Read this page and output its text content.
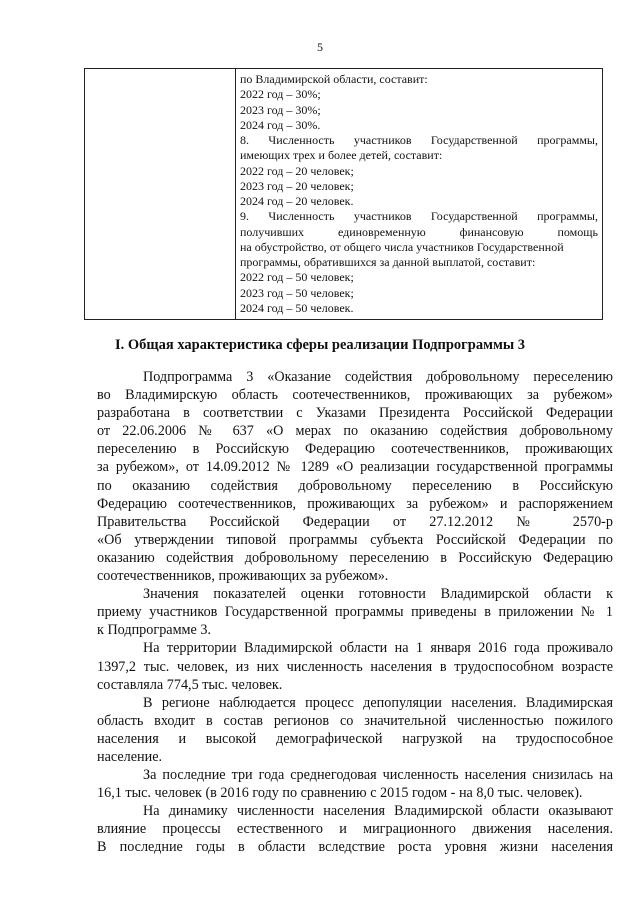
5

по Владимирской области, составит:
2022 год – 30%;
2023 год – 30%;
2024 год – 30%.
8. Численность участников Государственной программы,
имеющих трех и более детей, составит:
2022 год – 20 человек;
2023 год – 20 человек;
2024 год – 20 человек.
9. Численность участников Государственной программы,
получивших единовременную финансовую помощь
на обустройство, от общего числа участников Государственной
программы, обратившихся за данной выплатой, составит:
2022 год – 50 человек;
2023 год – 50 человек;
2024 год – 50 человек.
I. Общая характеристика сферы реализации Подпрограммы 3
Подпрограмма 3 «Оказание содействия добровольному переселению
во Владимирскую область соотечественников, проживающих за рубежом»
разработана в соответствии с Указами Президента Российской Федерации
от 22.06.2006 № 637 «О мерах по оказанию содействия добровольному
переселению в Российскую Федерацию соотечественников, проживающих
за рубежом», от 14.09.2012 № 1289 «О реализации государственной программы
по оказанию содействия добровольному переселению в Российскую
Федерацию соотечественников, проживающих за рубежом» и распоряжением
Правительства Российской Федерации от 27.12.2012 № 2570-р
«Об утверждении типовой программы субъекта Российской Федерации по
оказанию содействия добровольному переселению в Российскую Федерацию
соотечественников, проживающих за рубежом».
Значения показателей оценки готовности Владимирской области к
приему участников Государственной программы приведены в приложении № 1
к Подпрограмме 3.
На территории Владимирской области на 1 января 2016 года проживало
1397,2 тыс. человек, из них численность населения в трудоспособном возрасте
составляла 774,5 тыс. человек.
В регионе наблюдается процесс депопуляции населения. Владимирская
область входит в состав регионов со значительной численностью пожилого
населения и высокой демографической нагрузкой на трудоспособное
население.
За последние три года среднегодовая численность населения снизилась на
16,1 тыс. человек (в 2016 году по сравнению с 2015 годом - на 8,0 тыс. человек).
На динамику численности населения Владимирской области оказывают
влияние процессы естественного и миграционного движения населения.
В последние годы в области вследствие роста уровня жизни населения
